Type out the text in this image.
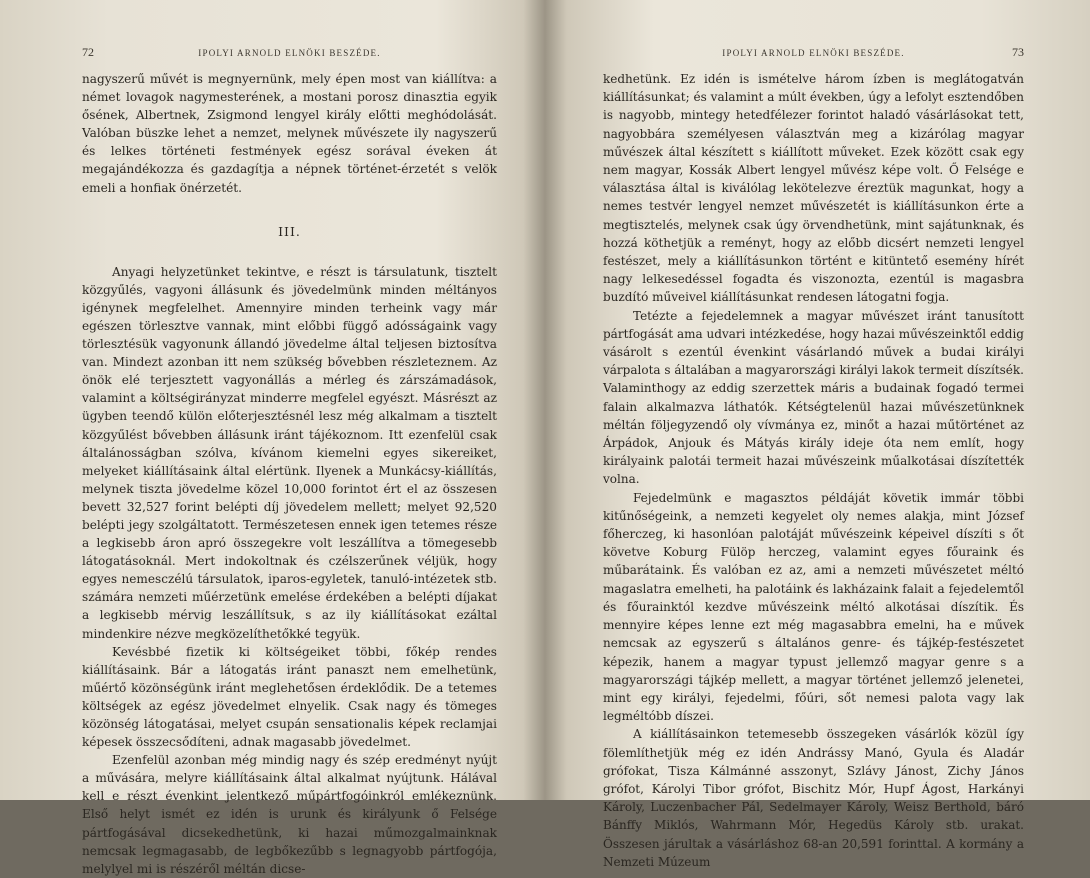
72	IPOLYI ARNOLD ELNÖKI BESZÉDE.

nagyszerű művét is megnyernünk, mely épen most van kiállítva: a német lovagok nagymesterének, a mostani porosz dinasztia egyik ősének, Albertnek, Zsigmond lengyel király előtti meghódolását. Valóban büszke lehet a nemzet, melynek művészete ily nagyszerű és lelkes történeti festmények egész sorával éveken át megajándékozza és gazdagítja a népnek történet-érzetét s velök emeli a honfiak önérzetét.

III.

Anyagi helyzetünket tekintve, e részt is társulatunk, tisztelt közgyűlés, vagyoni állásunk és jövedelmünk minden méltányos igénynek megfelelhet. Amennyire minden terheink vagy már egészen törlesztve vannak, mint előbbi függő adósságaink vagy törlesztésük vagyonunk állandó jövedelme által teljesen biztosítva van. Mindezt azonban itt nem szükség bővebben részleteznem. Az önök elé terjesztett vagyonállás a mérleg és zárszámadások, valamint a költségirányzat minderre megfelel egyészt. Másrészt az ügyben teendő külön előterjesztésnél lesz még alkalmam a tisztelt közgyűlést bővebben állásunk iránt tájékoznom. Itt ezenfelül csak általánosságban szólva, kívánom kiemelni egyes sikereiket, melyeket kiállításaink által elértünk. Ilyenek a Munkácsy-kiállítás, melynek tiszta jövedelme közel 10,000 forintot ért el az összesen bevett 32,527 forint belépti díj jövedelem mellett; melyet 92,520 belépti jegy szolgáltatott. Természetesen ennek igen tetemes része a legkisebb áron apró összegekre volt leszállítva a tömegesebb látogatásoknál. Mert indokoltnak és czélszerűnek véljük, hogy egyes nemesczélú társulatok, iparos-egyletek, tanuló-intézetek stb. számára nemzeti műérzetünk emelése érdekében a belépti díjakat a legkisebb mérvig leszállítsuk, s az ily kiállításokat ezáltal mindenkire nézve megközelíthetőkké tegyük.

Kevésbbé fizetik ki költségeiket többi, főkép rendes kiállításaink. Bár a látogatás iránt panaszt nem emelhetünk, műértő közönségünk iránt meglehetősen érdeklődik. De a tetemes költségek az egész jövedelmet elnyelik. Csak nagy és tömeges közönség látogatásai, melyet csupán sensationalis képek reclamjai képesek összecsődíteni, adnak magasabb jövedelmet.

Ezenfelül azonban még mindig nagy és szép eredményt nyújt a művására, melyre kiállításaink által alkalmat nyújtunk. Hálával kell e részt évenkint jelentkező műpártfogóinkról emlékeznünk. Első helyt ismét ez idén is urunk és királyunk ő Felsége pártfogásával dicsekedhetünk, ki hazai műmozgalmainknak nemcsak legmagasabb, de legbőkezűbb s legnagyobb pártfogója, melylyel mi is részéről méltán dicse-

IPOLYI ARNOLD ELNÖKI BESZÉDE.	73

kedhetünk. Ez idén is ismételve három ízben is meglátogatván kiállításunkat; és valamint a múlt években, úgy a lefolyt esztendőben is nagyobb, mintegy hetedfélezer forintot haladó vásárlásokat tett, nagyobbára személyesen választván meg a kizárólag magyar művészek által készített s kiállított műveket. Ezek között csak egy nem magyar, Kossák Albert lengyel művész képe volt. Ő Felsége e választása által is kiválólag lekötelezve éreztük magunkat, hogy a nemes testvér lengyel nemzet művészetét is kiállításunkon érte a megtisztelés, melynek csak úgy örvendhetünk, mint sajátunknak, és hozzá köthetjük a reményt, hogy az előbb dicsért nemzeti lengyel festészet, mely a kiállításunkon történt e kitüntető esemény hírét nagy lelkesedéssel fogadta és viszonozta, ezentúl is magasbra buzdító műveivel kiállításunkat rendesen látogatni fogja.

Tetézte a fejedelemnek a magyar művészet iránt tanusított pártfogását ama udvari intézkedése, hogy hazai művészeinktől eddig vásárolt s ezentúl évenkint vásárlandó művek a budai királyi várpalota s általában a magyarországi királyi lakok termeit díszítsék. Valaminthogy az eddig szerzettek máris a budainak fogadó termei falain alkalmazva láthatók. Kétségtelenül hazai művészetünknek méltán följegyzendő oly vívmánya ez, minőt a hazai műtörténet az Árpádok, Anjouk és Mátyás király ideje óta nem említ, hogy királyaink palotái termeit hazai művészeink műalkotásai díszítették volna.

Fejedelmünk e magasztos példáját követik immár többi kitűnőségeink, a nemzeti kegyelet oly nemes alakja, mint József főherczeg, ki hasonlóan palotáját művészeink képeivel díszíti s őt követve Koburg Fülöp herczeg, valamint egyes főuraink és műbarátaink. És valóban ez az, ami a nemzeti művészetet méltó magaslatra emelheti, ha palotáink és lakházaink falait a fejedelemtől és főurainktól kezdve művészeink méltó alkotásai díszítik. És mennyire képes lenne ezt még magasabbra emelni, ha e művek nemcsak az egyszerű s általános genre- és tájkép-festészetet képezik, hanem a magyar typust jellemző magyar genre s a magyarországi tájkép mellett, a magyar történet jellemző jelenetei, mint egy királyi, fejedelmi, főúri, sőt nemesi palota vagy lak legméltóbb díszei.

A kiállításainkon tetemesebb összegeken vásárlók közül így fölemlíthetjük még ez idén Andrássy Manó, Gyula és Aladár grófokat, Tisza Kálmánné asszonyt, Szlávy Jánost, Zichy János grófot, Károlyi Tibor grófot, Bischitz Mór, Hupf Ágost, Harkányi Károly, Luczenbacher Pál, Sedelmayer Károly, Weisz Berthold, báró Bánffy Miklós, Wahrmann Mór, Hegedüs Károly stb. urakat. Összesen járultak a vásárláshoz 68-an 20,591 forinttal. A kormány a Nemzeti Múzeum
